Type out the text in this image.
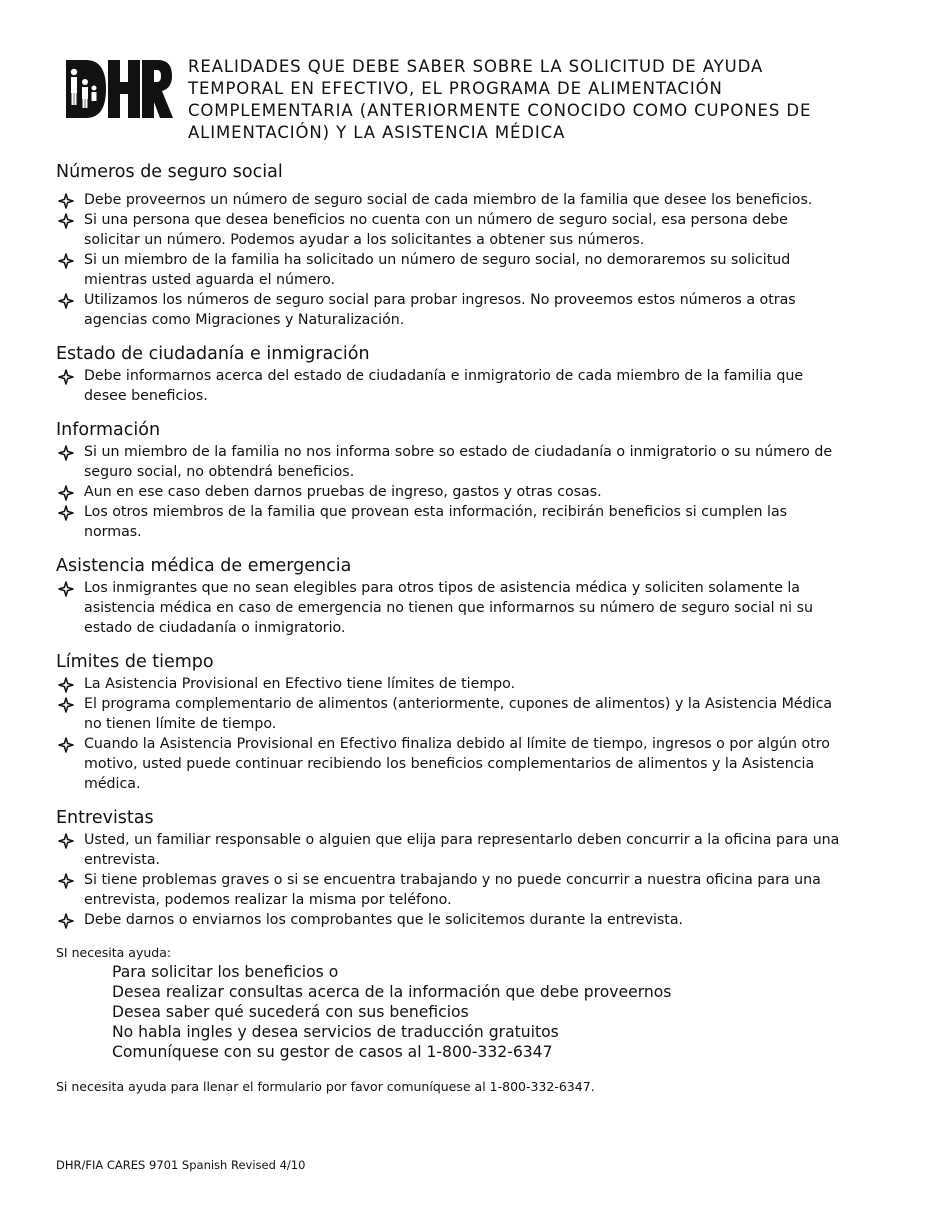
REALIDADES QUE DEBE SABER SOBRE LA SOLICITUD DE AYUDA
TEMPORAL EN EFECTIVO, EL PROGRAMA DE ALIMENTACIÓN
COMPLEMENTARIA (ANTERIORMENTE CONOCIDO COMO CUPONES DE
ALIMENTACIÓN) Y LA ASISTENCIA MÉDICA
Números de seguro social
Debe proveernos un número de seguro social de cada miembro de la familia que desee los beneficios.
Si una persona que desea beneficios no cuenta con un número de seguro social, esa persona debe
solicitar un número. Podemos ayudar a los solicitantes a obtener sus números.
Si un miembro de la familia ha solicitado un número de seguro social, no demoraremos su solicitud
mientras usted aguarda el número.
Utilizamos los números de seguro social para probar ingresos. No proveemos estos números a otras
agencias como Migraciones y Naturalización.
Estado de ciudadanía e inmigración
Debe informarnos acerca del estado de ciudadanía e inmigratorio de cada miembro de la familia que
desee beneficios.
Información
Si un miembro de la familia no nos informa sobre so estado de ciudadanía o inmigratorio o su número de
seguro social, no obtendrá beneficios.
Aun en ese caso deben darnos pruebas de ingreso, gastos y otras cosas.
Los otros miembros de la familia que provean esta información, recibirán beneficios si cumplen las
normas.
Asistencia médica de emergencia
Los inmigrantes que no sean elegibles para otros tipos de asistencia médica y soliciten solamente la
asistencia médica en caso de emergencia no tienen que informarnos su número de seguro social ni su
estado de ciudadanía o inmigratorio.
Límites de tiempo
La Asistencia Provisional en Efectivo tiene límites de tiempo.
El programa complementario de alimentos (anteriormente, cupones de alimentos) y la Asistencia Médica
no tienen límite de tiempo.
Cuando la Asistencia Provisional en Efectivo finaliza debido al límite de tiempo, ingresos o por algún otro
motivo, usted puede continuar recibiendo los beneficios complementarios de alimentos y la Asistencia
médica.
Entrevistas
Usted, un familiar responsable o alguien que elija para representarlo deben concurrir a la oficina para una
entrevista.
Si tiene problemas graves o si se encuentra trabajando y no puede concurrir a nuestra oficina para una
entrevista, podemos realizar la misma por teléfono.
Debe darnos o enviarnos los comprobantes que le solicitemos durante la entrevista.
SI necesita ayuda:
Para solicitar los beneficios o
Desea realizar consultas acerca de la información que debe proveernos
Desea saber qué sucederá con sus beneficios
No habla ingles y desea servicios de traducción gratuitos
Comuníquese con su gestor de casos al 1-800-332-6347
Si necesita ayuda para llenar el formulario por favor comuníquese al 1-800-332-6347.
DHR/FIA CARES 9701 Spanish Revised 4/10
